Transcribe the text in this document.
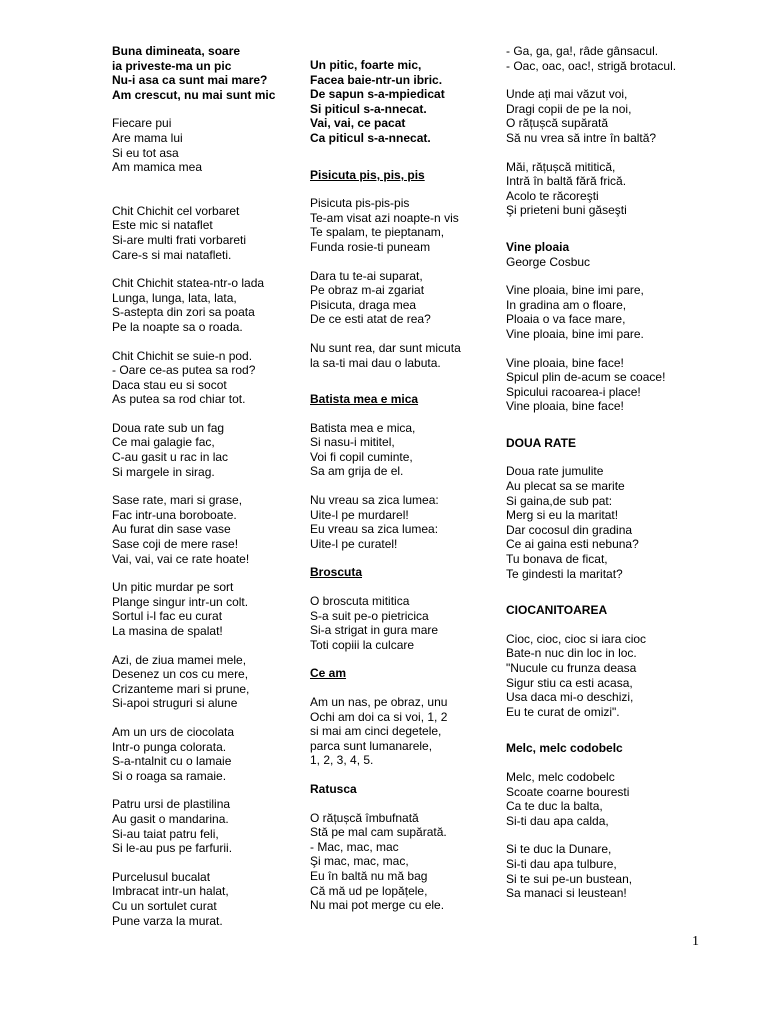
Buna dimineata, soare
ia priveste-ma un pic
Nu-i asa ca sunt mai mare?
Am crescut, nu mai sunt mic
Fiecare pui
Are mama lui
Si eu tot asa
Am mamica mea
Chit Chichit cel vorbaret
Este mic si nataflet
Si-are multi frati vorbareti
Care-s si mai natafleti.
Chit Chichit statea-ntr-o lada
Lunga, lunga, lata, lata,
S-astepta din zori sa poata
Pe la noapte sa o roada.
Chit Chichit se suie-n pod.
- Oare ce-as putea sa rod?
Daca stau eu si socot
As putea sa rod chiar tot.
Doua rate sub un fag
Ce mai galagie fac,
C-au gasit u rac in lac
Si margele in sirag.
Sase rate, mari si grase,
Fac intr-una boroboate.
Au furat din sase vase
Sase coji de mere rase!
Vai, vai, vai ce rate hoate!
Un pitic murdar pe sort
Plange singur intr-un colt.
Sortul i-l fac eu curat
La masina de spalat!
Azi, de ziua mamei mele,
Desenez un cos cu mere,
Crizanteme mari si prune,
Si-apoi struguri si alune
Am un urs de ciocolata
Intr-o punga colorata.
S-a-ntalnit cu o lamaie
Si o roaga sa ramaie.
Patru ursi de plastilina
Au gasit o mandarina.
Si-au taiat patru feli,
Si le-au pus pe farfurii.
Purcelusul bucalat
Imbracat intr-un halat,
Cu un sortulet curat
Pune varza la murat.
Un pitic, foarte mic,
Facea baie-ntr-un ibric.
De sapun s-a-mpiedicat
Si piticul s-a-nnecat.
Vai, vai, ce pacat
Ca piticul s-a-nnecat.
Pisicuta pis, pis, pis
Pisicuta pis-pis-pis
Te-am visat azi noapte-n vis
Te spalam, te pieptanam,
Funda rosie-ti puneam
Dara tu te-ai suparat,
Pe obraz m-ai zgariat
Pisicuta, draga mea
De ce esti atat de rea?
Nu sunt rea, dar sunt micuta
la sa-ti mai dau o labuta.
Batista mea e mica
Batista mea e mica,
Si nasu-i mititel,
Voi fi copil cuminte,
Sa am grija de el.
Nu vreau sa zica lumea:
Uite-l pe murdarel!
Eu vreau sa zica lumea:
Uite-l pe curatel!
Broscuta
O broscuta mititica
S-a suit pe-o pietricica
Si-a strigat in gura mare
Toti copiii la culcare
Ce am
Am un nas, pe obraz, unu
Ochi am doi ca si voi, 1, 2
si mai am cinci degetele,
parca sunt lumanarele,
1, 2, 3, 4, 5.
Ratusca
O rățușcă îmbufnată
Stă pe mal cam supărată.
- Mac, mac, mac
Şi mac, mac, mac,
Eu în baltă nu mă bag
Că mă ud pe lopățele,
Nu mai pot merge cu ele.
- Ga, ga, ga!, râde gânsacul.
- Oac, oac, oac!, strigă brotacul.
Unde ați mai văzut voi,
Dragi copii de pe la noi,
O rățușcă supărată
Să nu vrea să intre în baltă?
Măi, rățușcă mititică,
Intră în baltă fără frică.
Acolo te răcoreşti
Şi prieteni buni găseşti
Vine ploaia
George Cosbuc
Vine ploaia, bine imi pare,
In gradina am o floare,
Ploaia o va face mare,
Vine ploaia, bine imi pare.
Vine ploaia, bine face!
Spicul plin de-acum se coace!
Spicului racoarea-i place!
Vine ploaia, bine face!
DOUA RATE
Doua rate jumulite
Au plecat sa se marite
Si gaina,de sub pat:
Merg si eu la maritat!
Dar cocosul din gradina
Ce ai gaina esti nebuna?
Tu bonava de ficat,
Te gindesti la maritat?
CIOCANITOAREA
Cioc, cioc, cioc si iara cioc
Bate-n nuc din loc in loc.
"Nucule cu frunza deasa
Sigur stiu ca esti acasa,
Usa daca mi-o deschizi,
Eu te curat de omizi".
Melc, melc codobelc
Melc, melc codobelc
Scoate coarne bouresti
Ca te duc la balta,
Si-ti dau apa calda,
Si te duc la Dunare,
Si-ti dau apa tulbure,
Si te sui pe-un bustean,
Sa manaci si leustean!
1
